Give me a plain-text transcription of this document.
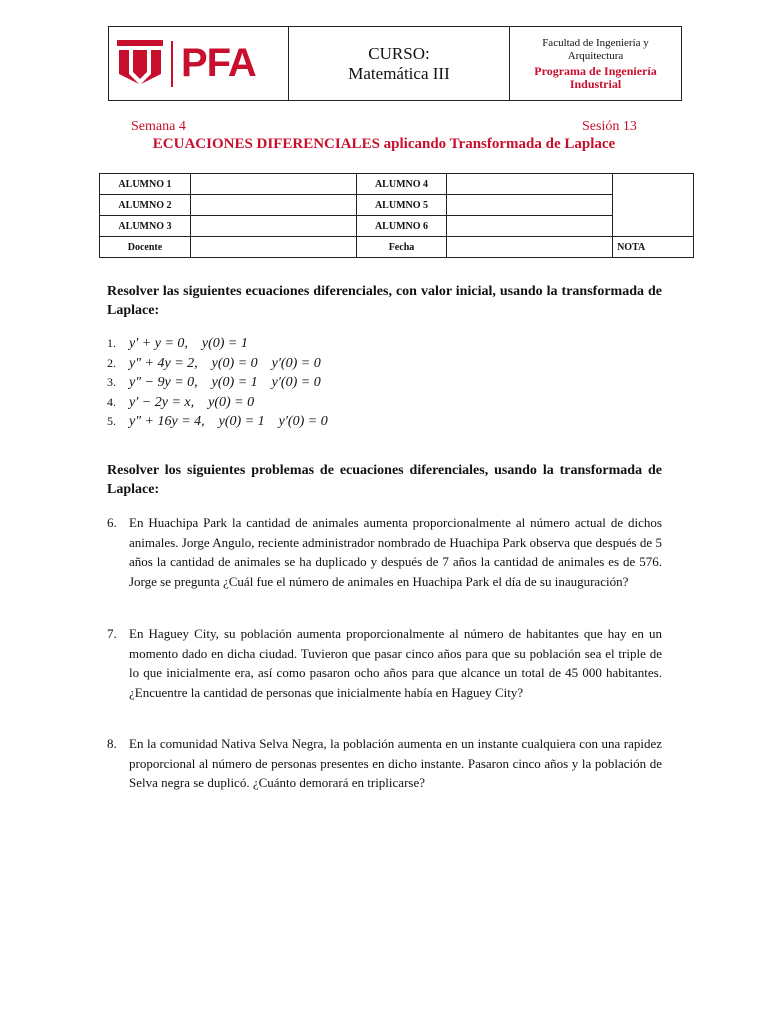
PFA	CURSO:
Matemática III
Facultad de Ingeniería y Arquitectura
Programa de Ingeniería Industrial
Semana 4	Sesión 13
ECUACIONES DIFERENCIALES aplicando Transformada de Laplace
ALUMNO 1		ALUMNO 4		
ALUMNO 2		ALUMNO 5		
ALUMNO 3		ALUMNO 6		
Docente		Fecha		NOTA
Resolver las siguientes ecuaciones diferenciales, con valor inicial, usando la transformada de Laplace:
1. y′ + y = 0, y(0) = 1
2. y″ + 4y = 2, y(0) = 0 y′(0) = 0
3. y″ − 9y = 0, y(0) = 1 y′(0) = 0
4. y′ − 2y = x, y(0) = 0
5. y″ + 16y = 4, y(0) = 1 y′(0) = 0
Resolver los siguientes problemas de ecuaciones diferenciales, usando la transformada de Laplace:
6. En Huachipa Park la cantidad de animales aumenta proporcionalmente al número actual de dichos animales. Jorge Angulo, reciente administrador nombrado de Huachipa Park observa que después de 5 años la cantidad de animales se ha duplicado y después de 7 años la cantidad de animales es de 576. Jorge se pregunta ¿Cuál fue el número de animales en Huachipa Park el día de su inauguración?
7. En Haguey City, su población aumenta proporcionalmente al número de habitantes que hay en un momento dado en dicha ciudad. Tuvieron que pasar cinco años para que su población sea el triple de lo que inicialmente era, así como pasaron ocho años para que alcance un total de 45 000 habitantes. ¿Encuentre la cantidad de personas que inicialmente había en Haguey City?
8. En la comunidad Nativa Selva Negra, la población aumenta en un instante cualquiera con una rapidez proporcional al número de personas presentes en dicho instante. Pasaron cinco años y la población de Selva negra se duplicó. ¿Cuánto demorará en triplicarse?
